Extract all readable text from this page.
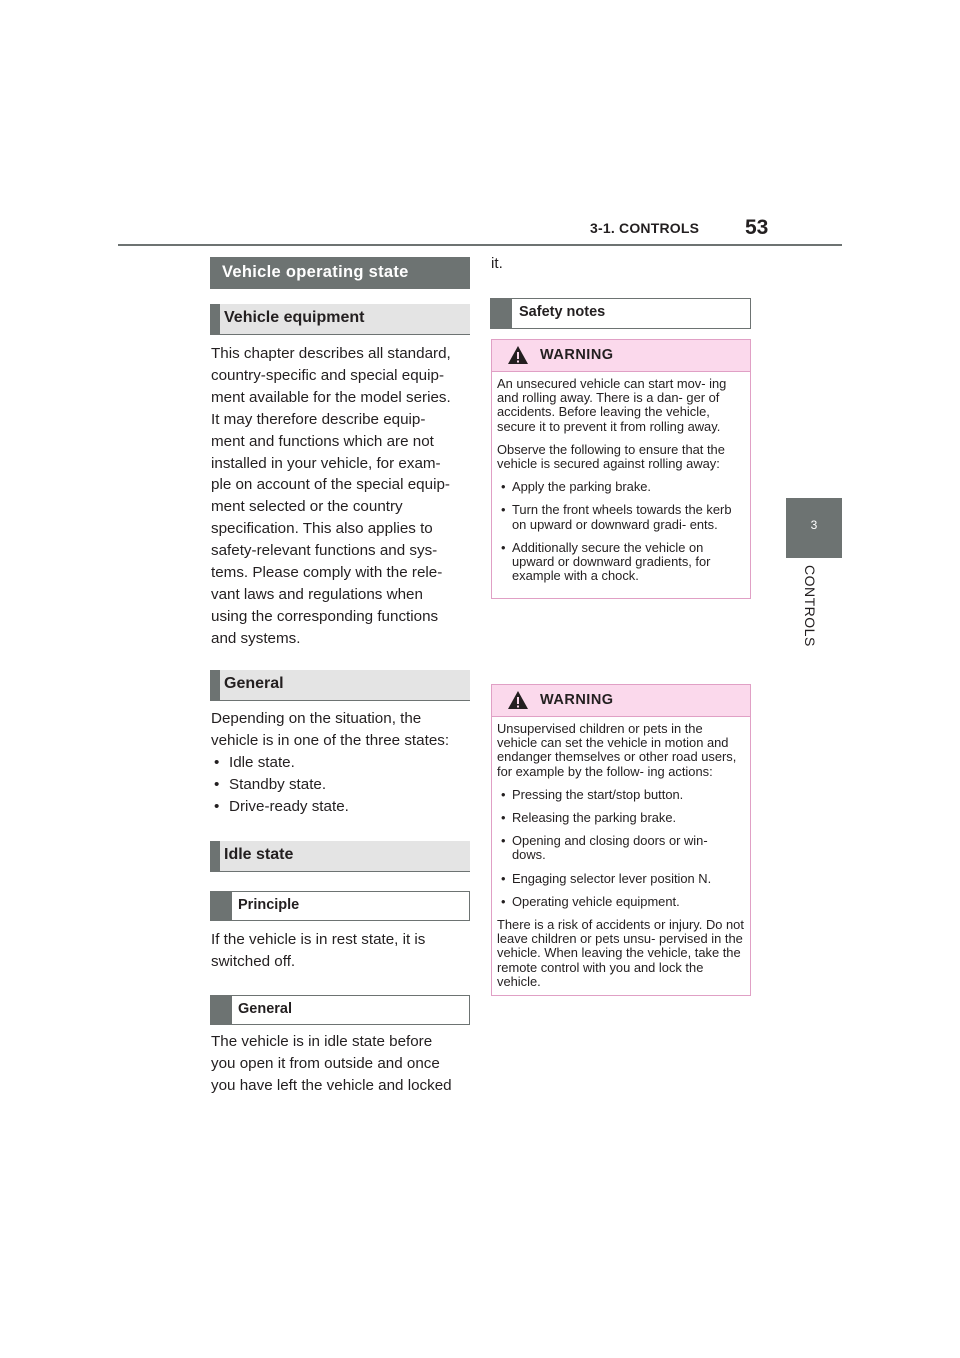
3-1. CONTROLS 53
3
CONTROLS
Vehicle operating state
Vehicle equipment
This chapter describes all standard,
country-specific and special equip-
ment available for the model series.
It may therefore describe equip-
ment and functions which are not
installed in your vehicle, for exam-
ple on account of the special equip-
ment selected or the country
specification. This also applies to
safety-relevant functions and sys-
tems. Please comply with the rele-
vant laws and regulations when
using the corresponding functions
and systems.
General
Depending on the situation, the
vehicle is in one of the three states:
• Idle state.
• Standby state.
• Drive-ready state.
Idle state
Principle
If the vehicle is in rest state, it is
switched off.
General
The vehicle is in idle state before
you open it from outside and once
you have left the vehicle and locked
it.
Safety notes
WARNING

An unsecured vehicle can start mov- ing and rolling away. There is a dan- ger of accidents. Before leaving the vehicle, secure it to prevent it from rolling away.

Observe the following to ensure that the vehicle is secured against rolling away:

• Apply the parking brake.
• Turn the front wheels towards the kerb on upward or downward gradi- ents.
• Additionally secure the vehicle on upward or downward gradients, for example with a chock.
WARNING

Unsupervised children or pets in the vehicle can set the vehicle in motion and endanger themselves or other road users, for example by the follow- ing actions:

• Pressing the start/stop button.
• Releasing the parking brake.
• Opening and closing doors or win- dows.
• Engaging selector lever position N.
• Operating vehicle equipment.

There is a risk of accidents or injury. Do not leave children or pets unsu- pervised in the vehicle. When leaving the vehicle, take the remote control with you and lock the vehicle.
